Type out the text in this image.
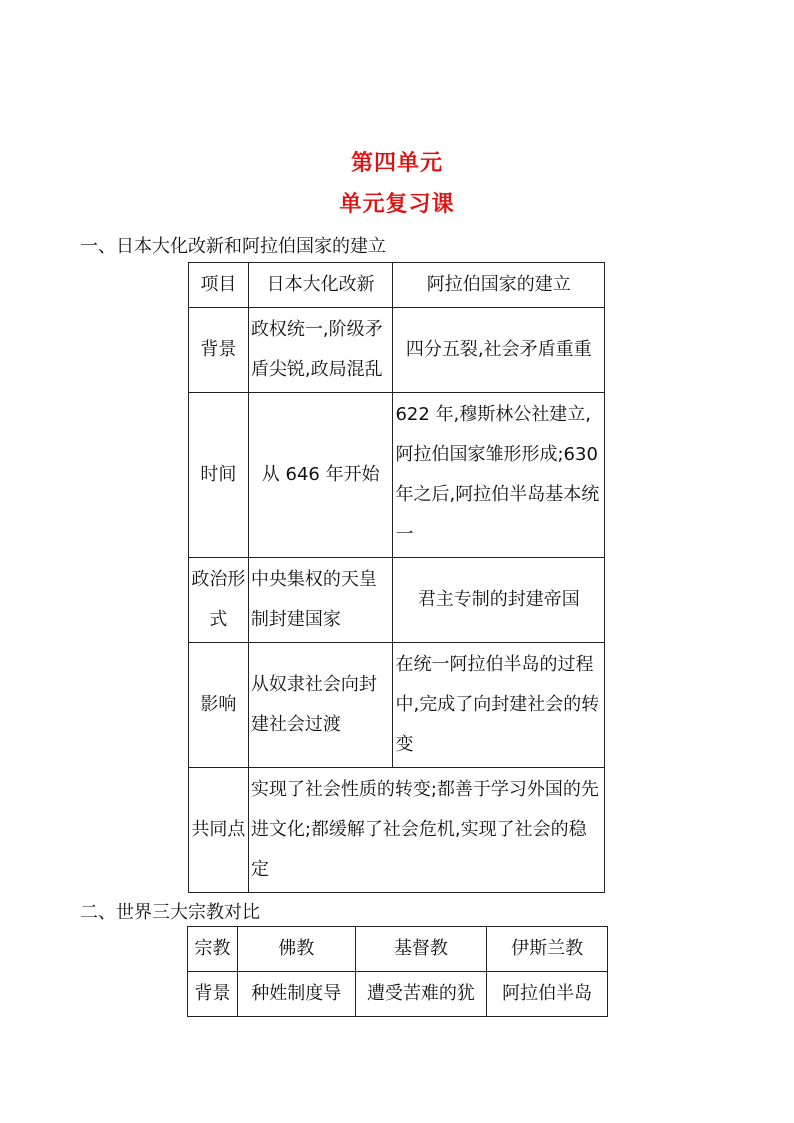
第四单元
单元复习课
一、日本大化改新和阿拉伯国家的建立
项目	日本大化改新	阿拉伯国家的建立
背景	政权统一,阶级矛盾尖锐,政局混乱	四分五裂,社会矛盾重重
时间	从 646 年开始	622 年,穆斯林公社建立,阿拉伯国家雏形形成;630 年之后,阿拉伯半岛基本统一
政治形式	中央集权的天皇制封建国家	君主专制的封建帝国
影响	从奴隶社会向封建社会过渡	在统一阿拉伯半岛的过程中,完成了向封建社会的转变
共同点	实现了社会性质的转变;都善于学习外国的先进文化;都缓解了社会危机,实现了社会的稳定	
二、世界三大宗教对比
宗教	佛教	基督教	伊斯兰教
背景	种姓制度导	遭受苦难的犹	阿拉伯半岛
